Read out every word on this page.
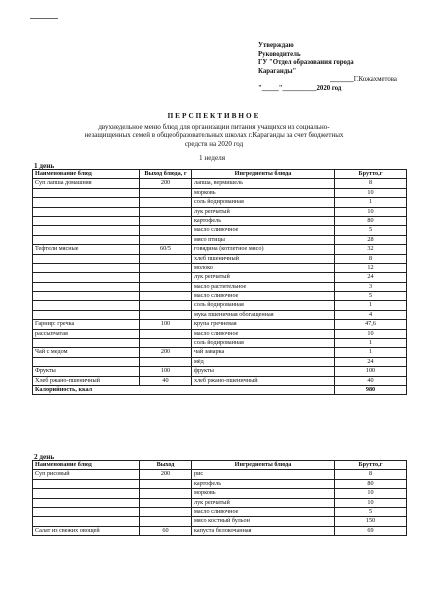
Утверждаю
Руководитель
ГУ "Отдел образования города
Караганды"
_______Г.Кожахметова
"_____"__________2020 год
ПЕРСПЕКТИВНОЕ
двухнедельное меню блюд для организации питания учащихся из социально-
незащищенных семей в общеобразовательных школах г.Караганды за счет бюджетных
средств на 2020 год
1 неделя
1 день
Наименование блюд	Выход блюда, г	Ингредиенты блюда	Брутто,г
Суп лапша домашняя	200	лапша, вермишель	8
		морковь	10
		соль йодированная	1
		лук репчатый	10
		картофель	80
		масло сливочное	5
		мясо птицы	28
Тефтели мясные	60/5	говядина (котлетное мясо)	32
		хлеб пшеничный	8
		молоко	12
		лук репчатый	24
		масло растительное	3
		масло сливочное	5
		соль йодированная	1
		мука пшеничная обогащенная	4
Гарнир: гречка	100	крупа гречневая	47,6
рассыпчатая		масло сливочное	10
		соль йодированная	1
Чай с медом	200	чай заварка	1
		мёд	24
Фрукты	100	фрукты	100
Хлеб ржано-пшеничный	40	хлеб ржано-пшеничный	40
Калорийность, ккал			980
2 день
Наименование блюд	Выход	Ингредиенты блюда	Брутто,г
Суп рисовый	200	рис	8
		картофель	80
		морковь	10
		лук репчатый	10
		масло сливочное	5
		мясо костный бульон	150
Салат из свежих овощей	60	капуста белокочанная	69
